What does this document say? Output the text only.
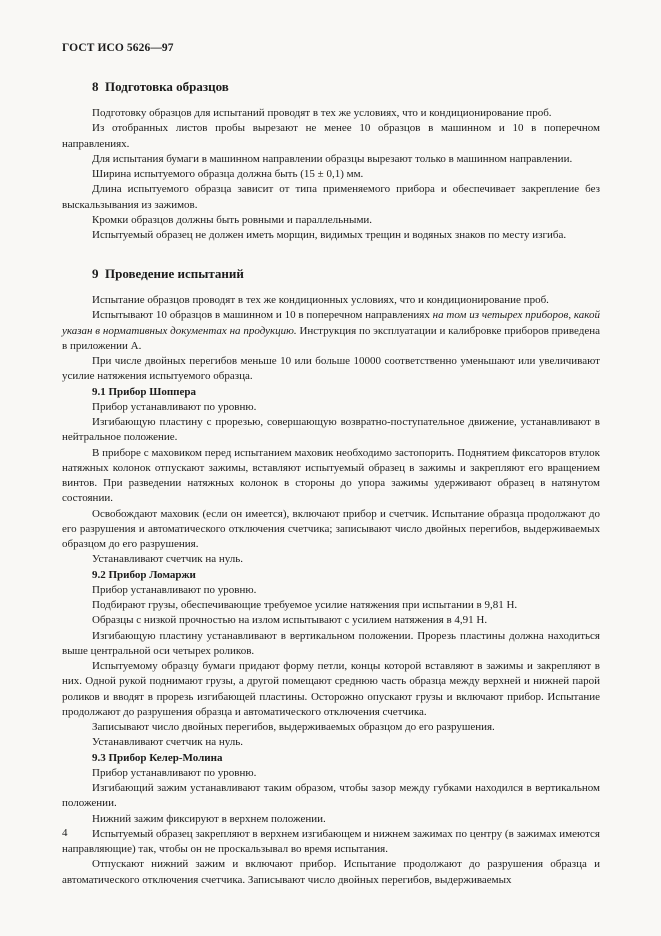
ГОСТ ИСО 5626—97
8 Подготовка образцов

Подготовку образцов для испытаний проводят в тех же условиях, что и кондиционирование проб.

Из отобранных листов пробы вырезают не менее 10 образцов в машинном и 10 в поперечном направлениях.

Для испытания бумаги в машинном направлении образцы вырезают только в машинном направлении.

Ширина испытуемого образца должна быть (15 ± 0,1) мм.

Длина испытуемого образца зависит от типа применяемого прибора и обеспечивает закрепление без выскальзывания из зажимов.

Кромки образцов должны быть ровными и параллельными.

Испытуемый образец не должен иметь морщин, видимых трещин и водяных знаков по месту изгиба.

9 Проведение испытаний

Испытание образцов проводят в тех же кондиционных условиях, что и кондиционирование проб.

Испытывают 10 образцов в машинном и 10 в поперечном направлениях на том из четырех приборов, какой указан в нормативных документах на продукцию. Инструкция по эксплуатации и калибровке приборов приведена в приложении А.

При числе двойных перегибов меньше 10 или больше 10000 соответственно уменьшают или увеличивают усилие натяжения испытуемого образца.

9.1 Прибор Шоппера

Прибор устанавливают по уровню.

Изгибающую пластину с прорезью, совершающую возвратно-поступательное движение, устанавливают в нейтральное положение.

В приборе с маховиком перед испытанием маховик необходимо застопорить. Поднятием фиксаторов втулок натяжных колонок отпускают зажимы, вставляют испытуемый образец в зажимы и закрепляют его вращением винтов. При разведении натяжных колонок в стороны до упора зажимы удерживают образец в натянутом состоянии.

Освобождают маховик (если он имеется), включают прибор и счетчик. Испытание образца продолжают до его разрушения и автоматического отключения счетчика; записывают число двойных перегибов, выдерживаемых образцом до его разрушения.

Устанавливают счетчик на нуль.

9.2 Прибор Ломаржи

Прибор устанавливают по уровню.

Подбирают грузы, обеспечивающие требуемое усилие натяжения при испытании в 9,81 Н.

Образцы с низкой прочностью на излом испытывают с усилием натяжения в 4,91 Н.

Изгибающую пластину устанавливают в вертикальном положении. Прорезь пластины должна находиться выше центральной оси четырех роликов.

Испытуемому образцу бумаги придают форму петли, концы которой вставляют в зажимы и закрепляют в них. Одной рукой поднимают грузы, а другой помещают среднюю часть образца между верхней и нижней парой роликов и вводят в прорезь изгибающей пластины. Осторожно опускают грузы и включают прибор. Испытание продолжают до разрушения образца и автоматического отключения счетчика.

Записывают число двойных перегибов, выдерживаемых образцом до его разрушения.

Устанавливают счетчик на нуль.

9.3 Прибор Келер-Молина

Прибор устанавливают по уровню.

Изгибающий зажим устанавливают таким образом, чтобы зазор между губками находился в вертикальном положении.

Нижний зажим фиксируют в верхнем положении.

Испытуемый образец закрепляют в верхнем изгибающем и нижнем зажимах по центру (в зажимах имеются направляющие) так, чтобы он не проскальзывал во время испытания.

Отпускают нижний зажим и включают прибор. Испытание продолжают до разрушения образца и автоматического отключения счетчика. Записывают число двойных перегибов, выдерживаемых

4
